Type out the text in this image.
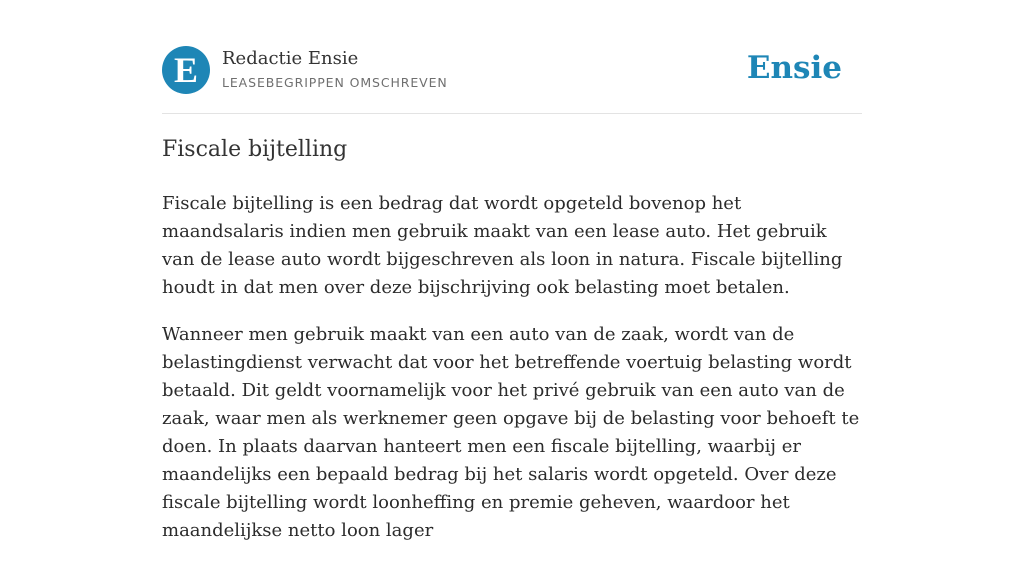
E	Redactie Ensie
LEASEBEGRIPPEN OMSCHREVEN	Ensie
Fiscale bijtelling

Fiscale bijtelling is een bedrag dat wordt opgeteld bovenop het maandsalaris indien men gebruik maakt van een lease auto. Het gebruik van de lease auto wordt bijgeschreven als loon in natura. Fiscale bijtelling houdt in dat men over deze bijschrijving ook belasting moet betalen.

Wanneer men gebruik maakt van een auto van de zaak, wordt van de belastingdienst verwacht dat voor het betreffende voertuig belasting wordt betaald. Dit geldt voornamelijk voor het privé gebruik van een auto van de zaak, waar men als werknemer geen opgave bij de belasting voor behoeft te doen. In plaats daarvan hanteert men een fiscale bijtelling, waarbij er maandelijks een bepaald bedrag bij het salaris wordt opgeteld. Over deze fiscale bijtelling wordt loonheffing en premie geheven, waardoor het maandelijkse netto loon lager
